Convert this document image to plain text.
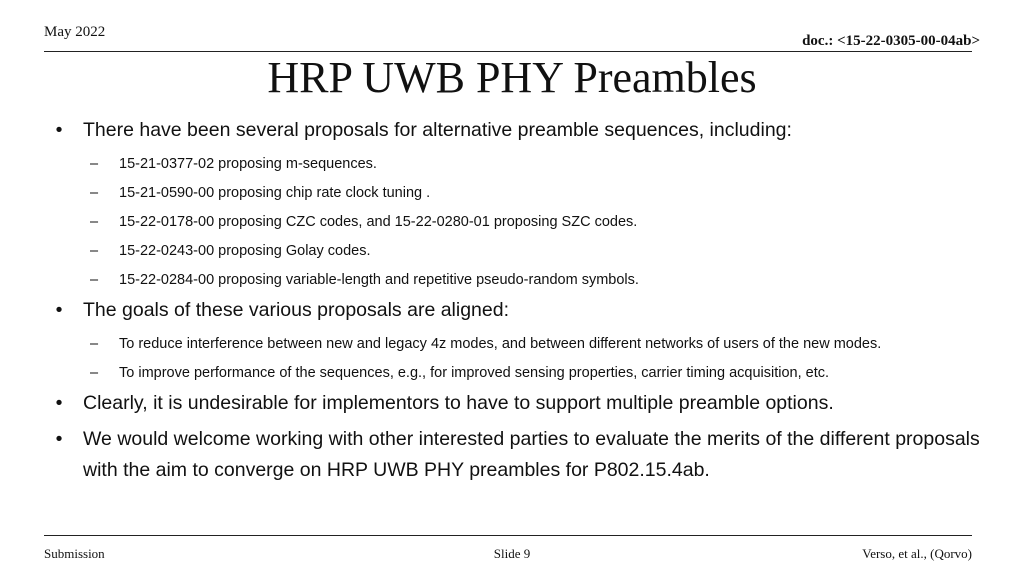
May 2022
doc.: <15-22-0305-00-04ab>
HRP UWB PHY Preambles
• There have been several proposals for alternative preamble sequences, including:
– 15-21-0377-02 proposing m-sequences.
– 15-21-0590-00 proposing chip rate clock tuning .
– 15-22-0178-00 proposing CZC codes, and 15-22-0280-01 proposing SZC codes.
– 15-22-0243-00 proposing Golay codes.
– 15-22-0284-00 proposing variable-length and repetitive pseudo-random symbols.
• The goals of these various proposals are aligned:
– To reduce interference between new and legacy 4z modes, and between different networks of users of the new modes.
– To improve performance of the sequences, e.g., for improved sensing properties, carrier timing acquisition, etc.
• Clearly, it is undesirable for implementors to have to support multiple preamble options.
• We would welcome working with other interested parties to evaluate the merits of the different proposals with the aim to converge on HRP UWB PHY preambles for P802.15.4ab.
Submission	Slide 9	Verso, et al., (Qorvo)
